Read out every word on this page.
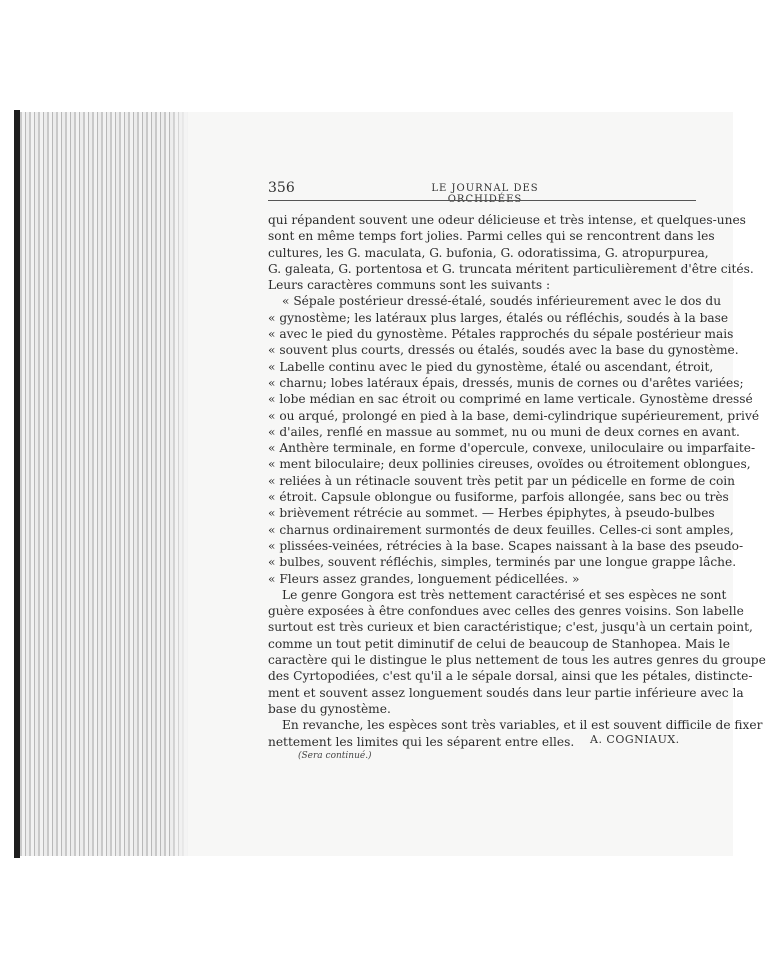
356	LE JOURNAL DES
qui répandent souvent une odeur délicieuse et très intense, et quelques-unes
sont en même temps fort jolies. Parmi celles qui se rencontrent dans les
cultures, les G. maculata, G. bufonia, G. odoratissima, G. atropurpurea,
G. galeata, G. portentosa et G. truncata méritent particulièrement d'être cités.
Leurs caractères communs sont les suivants :
« Sépale postérieur dressé-étalé, soudés inférieurement avec le dos du
« gynostème; les latéraux plus larges, étalés ou réfléchis, soudés à la base
« avec le pied du gynostème. Pétales rapprochés du sépale postérieur mais
« souvent plus courts, dressés ou étalés, soudés avec la base du gynostème.
« Labelle continu avec le pied du gynostème, étalé ou ascendant, étroit,
« charnu; lobes latéraux épais, dressés, munis de cornes ou d'arêtes variées;
« lobe médian en sac étroit ou comprimé en lame verticale. Gynostème dressé
« ou arqué, prolongé en pied à la base, demi-cylindrique supérieurement, privé
« d'ailes, renflé en massue au sommet, nu ou muni de deux cornes en avant.
« Anthère terminale, en forme d'opercule, convexe, uniloculaire ou imparfaite-
« ment biloculaire; deux pollinies cireuses, ovoïdes ou étroitement oblongues,
« reliées à un rétinacle souvent très petit par un pédicelle en forme de coin
« étroit. Capsule oblongue ou fusiforme, parfois allongée, sans bec ou très
« brièvement rétrécie au sommet. — Herbes épiphytes, à pseudo-bulbes
« charnus ordinairement surmontés de deux feuilles. Celles-ci sont amples,
« plissées-veinées, rétrécies à la base. Scapes naissant à la base des pseudo-
« bulbes, souvent réfléchis, simples, terminés par une longue grappe lâche.
« Fleurs assez grandes, longuement pédicellées. »
Le genre Gongora est très nettement caractérisé et ses espèces ne sont
guère exposées à être confondues avec celles des genres voisins. Son labelle
surtout est très curieux et bien caractéristique; c'est, jusqu'à un certain point,
comme un tout petit diminutif de celui de beaucoup de Stanhopea. Mais le
caractère qui le distingue le plus nettement de tous les autres genres du groupe
des Cyrtopodiées, c'est qu'il a le sépale dorsal, ainsi que les pétales, distincte-
ment et souvent assez longuement soudés dans leur partie inférieure avec la
base du gynostème.
En revanche, les espèces sont très variables, et il est souvent difficile de fixer
nettement les limites qui les séparent entre elles.	A. COGNIAUX.
(Sera continué.)
